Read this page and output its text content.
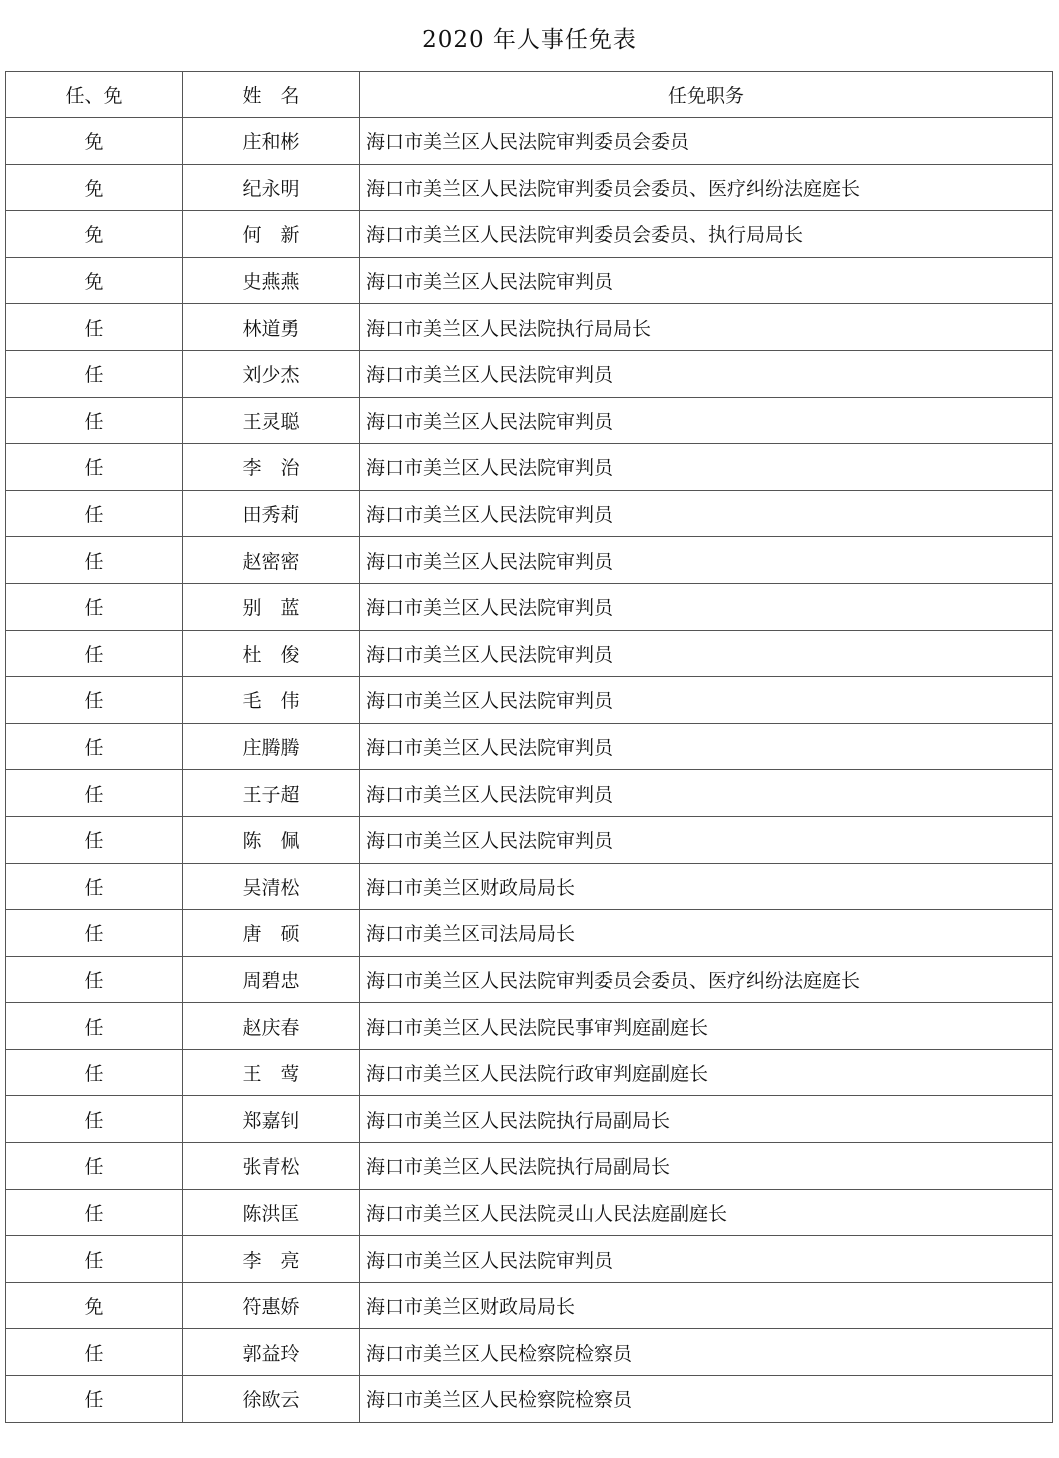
2020 年人事任免表
任、免	姓　名	任免职务
免	庄和彬	海口市美兰区人民法院审判委员会委员
免	纪永明	海口市美兰区人民法院审判委员会委员、医疗纠纷法庭庭长
免	何　新	海口市美兰区人民法院审判委员会委员、执行局局长
免	史燕燕	海口市美兰区人民法院审判员
任	林道勇	海口市美兰区人民法院执行局局长
任	刘少杰	海口市美兰区人民法院审判员
任	王灵聪	海口市美兰区人民法院审判员
任	李　治	海口市美兰区人民法院审判员
任	田秀莉	海口市美兰区人民法院审判员
任	赵密密	海口市美兰区人民法院审判员
任	别　蓝	海口市美兰区人民法院审判员
任	杜　俊	海口市美兰区人民法院审判员
任	毛　伟	海口市美兰区人民法院审判员
任	庄腾腾	海口市美兰区人民法院审判员
任	王子超	海口市美兰区人民法院审判员
任	陈　佩	海口市美兰区人民法院审判员
任	吴清松	海口市美兰区财政局局长
任	唐　硕	海口市美兰区司法局局长
任	周碧忠	海口市美兰区人民法院审判委员会委员、医疗纠纷法庭庭长
任	赵庆春	海口市美兰区人民法院民事审判庭副庭长
任	王　莺	海口市美兰区人民法院行政审判庭副庭长
任	郑嘉钊	海口市美兰区人民法院执行局副局长
任	张青松	海口市美兰区人民法院执行局副局长
任	陈洪匡	海口市美兰区人民法院灵山人民法庭副庭长
任	李　亮	海口市美兰区人民法院审判员
免	符惠娇	海口市美兰区财政局局长
任	郭益玲	海口市美兰区人民检察院检察员
任	徐欧云	海口市美兰区人民检察院检察员
